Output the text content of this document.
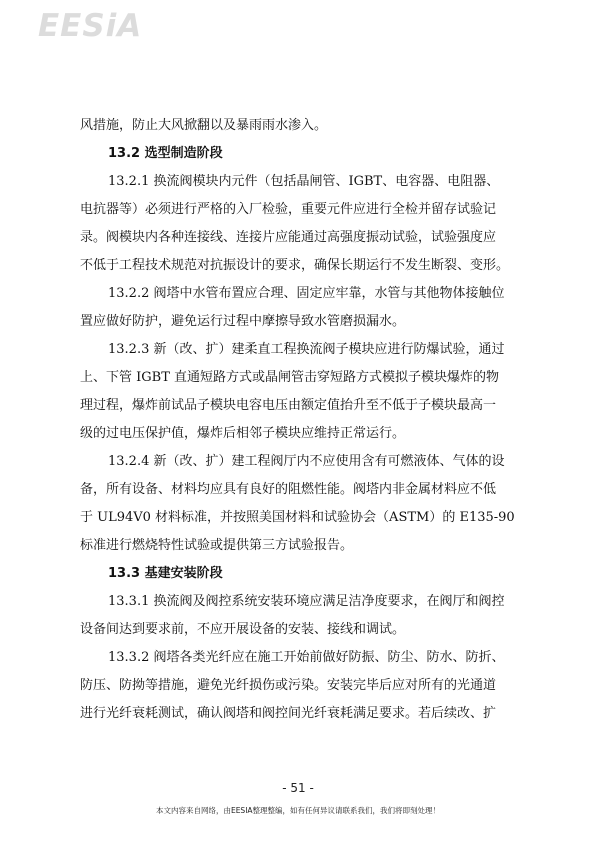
EESiA
风措施，防止大风掀翻以及暴雨雨水渗入。
13.2 选型制造阶段
13.2.1 换流阀模块内元件（包括晶闸管、IGBT、电容器、电阻器、
电抗器等）必须进行严格的入厂检验，重要元件应进行全检并留存试验记
录。阀模块内各种连接线、连接片应能通过高强度振动试验，试验强度应
不低于工程技术规范对抗振设计的要求，确保长期运行不发生断裂、变形。
13.2.2 阀塔中水管布置应合理、固定应牢靠，水管与其他物体接触位
置应做好防护，避免运行过程中摩擦导致水管磨损漏水。
13.2.3 新（改、扩）建柔直工程换流阀子模块应进行防爆试验，通过
上、下管 IGBT 直通短路方式或晶闸管击穿短路方式模拟子模块爆炸的物
理过程，爆炸前试品子模块电容电压由额定值抬升至不低于子模块最高一
级的过电压保护值，爆炸后相邻子模块应维持正常运行。
13.2.4 新（改、扩）建工程阀厅内不应使用含有可燃液体、气体的设
备，所有设备、材料均应具有良好的阻燃性能。阀塔内非金属材料应不低
于 UL94V0 材料标准，并按照美国材料和试验协会（ASTM）的 E135-90
标准进行燃烧特性试验或提供第三方试验报告。
13.3 基建安装阶段
13.3.1 换流阀及阀控系统安装环境应满足洁净度要求，在阀厅和阀控
设备间达到要求前，不应开展设备的安装、接线和调试。
13.3.2 阀塔各类光纤应在施工开始前做好防振、防尘、防水、防折、
防压、防拗等措施，避免光纤损伤或污染。安装完毕后应对所有的光通道
进行光纤衰耗测试，确认阀塔和阀控间光纤衰耗满足要求。若后续改、扩
- 51 -
本文内容来自网络，由EESIA整理整编，如有任何异议请联系我们，我们将即刻处理！
